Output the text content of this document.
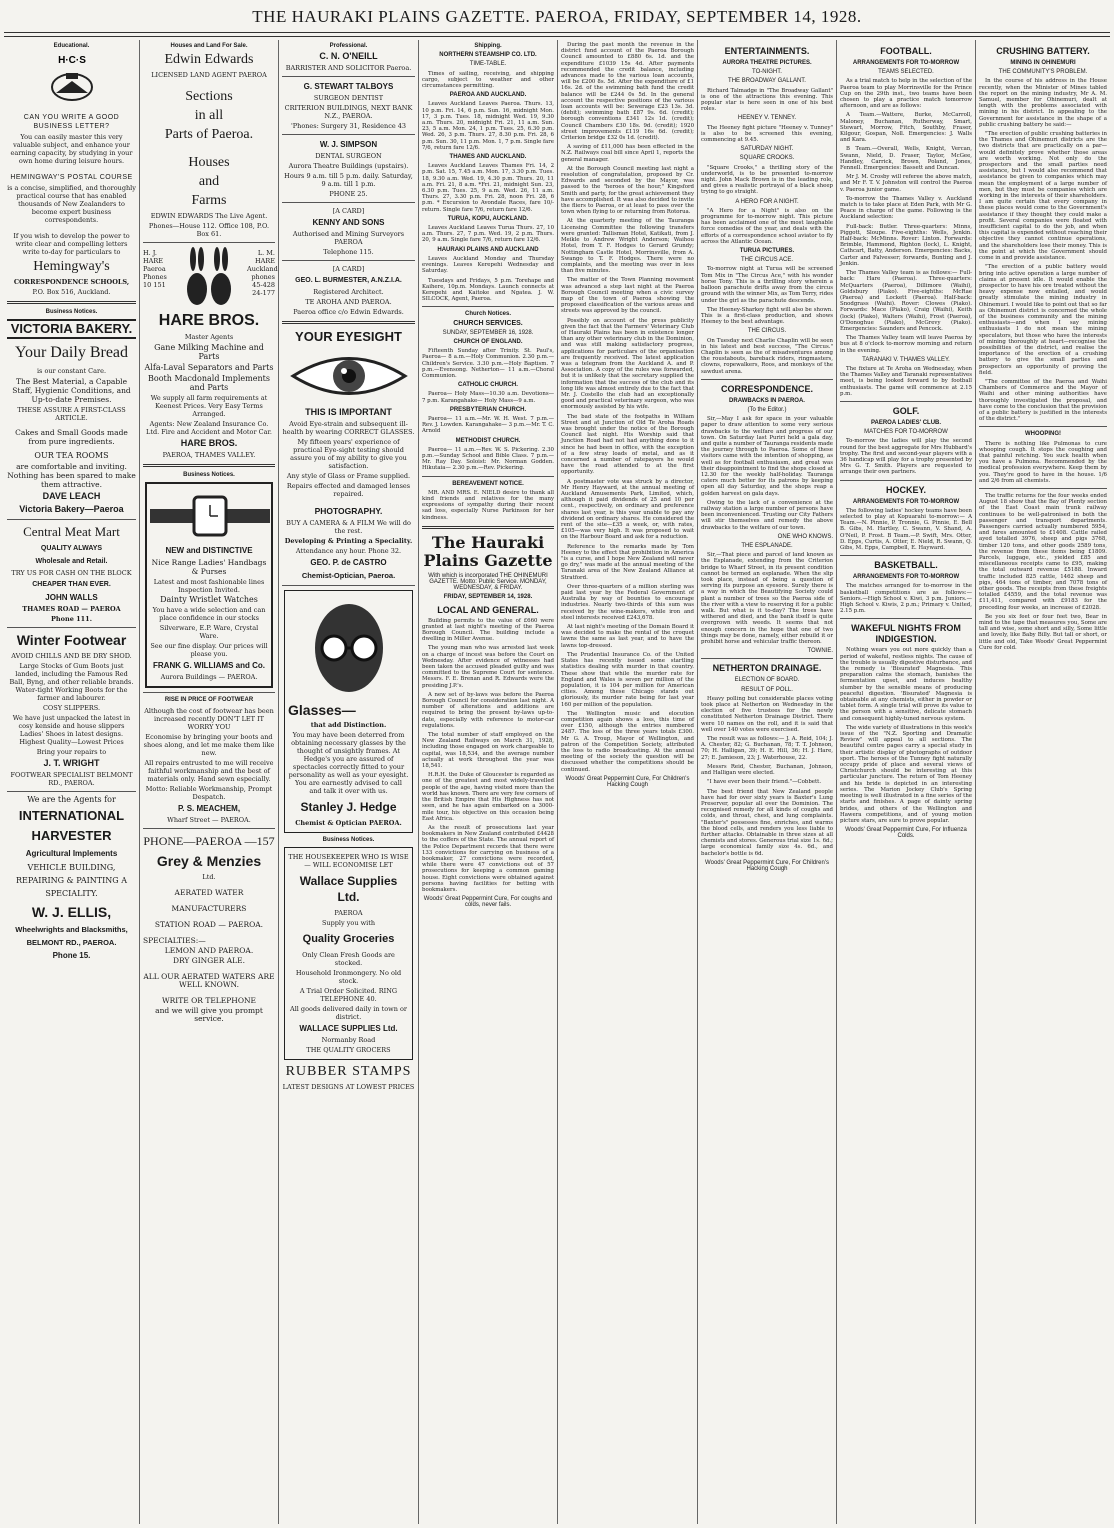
THE HAURAKI PLAINS GAZETTE. PAEROA, FRIDAY, SEPTEMBER 14, 1928.
Educational.
H·C·S
CAN YOU WRITE A GOOD BUSINESS LETTER?
You can easily master this very valuable subject, and enhance your earning capacity, by studying in your own home during leisure hours.
HEMINGWAY'S POSTAL COURSE
is a concise, simplified, and thoroughly practical course that has enabled thousands of New Zealanders to become expert business correspondents.
If you wish to develop the power to write clear and compelling letters write to-day for particulars to
Hemingway's
CORRESPONDENCE SCHOOLS,
P.O. Box 516, Auckland.
Business Notices.
VICTORIA BAKERY.
Your Daily Bread
is our constant Care.
The Best Material, a Capable Staff, Hygienic Conditions, and Up-to-date Premises.
THESE ASSURE A FIRST-CLASS ARTICLE.
Cakes and Small Goods made from pure ingredients.
OUR TEA ROOMS
are comfortable and inviting. Nothing has been spared to make them attractive.
DAVE LEACH
Victoria Bakery—Paeroa
Central Meat Mart
QUALITY ALWAYS
Wholesale and Retail.
TRY US FOR CASH ON THE BLOCK
CHEAPER THAN EVER.
JOHN WALLS
THAMES ROAD — PAEROA
Phone 111.
Winter Footwear
AVOID CHILLS AND BE DRY SHOD.
Large Stocks of Gum Boots just landed, including the Famous Red Ball, Byng, and other reliable brands. Water-tight Working Boots for the farmer and labourer.
COSY SLIPPERS.
We have just unpacked the latest in cosy kenside and house slippers Ladies' Shoes in latest designs. Highest Quality—Lowest Prices
Bring your repairs to
J. T. WRIGHT
FOOTWEAR SPECIALIST BELMONT RD., PAEROA.
We are the Agents for
INTERNATIONAL
HARVESTER
Agricultural Implements
VEHICLE BUILDING, REPAIRING & PAINTING A SPECIALITY.
W. J. ELLIS,
Wheelwrights and Blacksmiths,
BELMONT RD., PAEROA.
Phone 15.
Houses and Land For Sale.
Edwin Edwards
LICENSED LAND AGENT PAEROA
Sections
in all
Parts of Paeroa.
Houses
and
Farms
EDWIN EDWARDS The Live Agent.
Phones—House 112. Office 108, P.O. Box 61.
H. J. HARE Paeroa Phones 10 151
L. M. HARE Auckland phones 45-428 24-177
HARE BROS.
Master Agents
Gane Milking Machine and Parts
Alfa-Laval Separators and Parts
Booth Macdonald Implements and Parts
We supply all farm requirements at Keenest Prices. Very Easy Terms Arranged.
Agents: New Zealand Insurance Co. Ltd. Fire and Accident and Motor Car.
HARE BROS.
PAEROA, THAMES VALLEY.
Business Notices.
NEW and DISTINCTIVE
Nice Range Ladies' Handbags & Purses
Latest and most fashionable lines Inspection Invited.
Dainty Wristlet Watches
You have a wide selection and can place confidence in our stocks
Silverware, E.P. Ware, Crystal Ware.
See our fine display. Our prices will please you.
FRANK G. WILLIAMS and Co.
Aurora Buildings — PAEROA.
RISE IN PRICE OF FOOTWEAR
Although the cost of footwear has been increased recently DON'T LET IT WORRY YOU
Economise by bringing your boots and shoes along, and let me make them like new.
All repairs entrusted to me will receive faithful workmanship and the best of materials only. Hand sewn especially.
Motto: Reliable Workmanship, Prompt Despatch.
P. S. MEACHEM,
Wharf Street — PAEROA.
PHONE—PAEROA —157
Grey & Menzies
Ltd.
AERATED WATER
MANUFACTURERS
STATION ROAD — PAEROA.
SPECIALTIES:—
LEMON AND PAEROA.
DRY GINGER ALE.
ALL OUR AERATED WATERS ARE WELL KNOWN.
WRITE OR TELEPHONE
and we will give you prompt service.
Professional.
C. N. O'NEILL
BARRISTER AND SOLICITOR Paeroa.
G. STEWART TALBOYS
SURGEON DENTIST
CRITERION BUILDINGS, NEXT BANK N.Z., PAEROA.
'Phones: Surgery 31, Residence 43
W. J. SIMPSON
DENTAL SURGEON
Aurora Theatre Buildings (upstairs).
Hours 9 a.m. till 5 p.m. daily. Saturday, 9 a.m. till 1 p.m.
PHONE 25.
[A CARD]
KENNY AND SONS
Authorised and Mining Surveyors PAEROA
Telephone 115.
[A CARD]
GEO. L. BURMESTER, A.N.Z.I.A.
Registered Architect.
TE AROHA AND PAEROA.
Paeroa office c/o Edwin Edwards.
YOUR EYESIGHT
THIS IS IMPORTANT
Avoid Eye-strain and subsequent ill-health by wearing CORRECT GLASSES.
My fifteen years' experience of practical Eye-sight testing should assure you of my ability to give you satisfaction.
Any style of Glass or Frame supplied.
Repairs effected and damaged lenses repaired.
PHOTOGRAPHY.
BUY A CAMERA & A FILM We will do the rest.
Developing & Printing a Speciality.
Attendance any hour. Phone 32.
GEO. P. de CASTRO
Chemist-Optician, Paeroa.
Glasses—
that add Distinction.
You may have been deterred from obtaining necessary glasses by the thought of unsightly frames. At Hedge's you are assured of spectacles correctly fitted to your personality as well as your eyesight. You are earnestly advised to call and talk it over with us.
Stanley J. Hedge
Chemist & Optician PAEROA.
Business Notices.
THE HOUSEKEEPER WHO IS WISE— WILL ECONOMISE LET
Wallace Supplies Ltd.
PAEROA
Supply you with
Quality Groceries
Only Clean Fresh Goods are stocked.
Household Ironmongery. No old stock.
A Trial Order Solicited. RING TELEPHONE 40.
All goods delivered daily in town or district.
WALLACE SUPPLIES Ltd.
Normanby Road
THE QUALITY GROCERS
RUBBER STAMPS
LATEST DESIGNS AT LOWEST PRICES
Shipping.
NORTHERN STEAMSHIP CO. LTD.
TIME-TABLE.

Times of sailing, receiving, and shipping cargo, subject to weather and other circumstances permitting.

PAEROA AND AUCKLAND.

Leaves Auckland Leaves Paeroa. Thurs. 13, 10 p.m. Fri. 14, 6 p.m. Sun. 16, midnight Mon. 17, 3 p.m. Tues. 18, midnight Wed. 19, 9.30 a.m. Thurs. 20, midnight Fri. 21, 11 a.m. Sun. 23, 5 a.m. Mon. 24, 1 p.m. Tues. 25, 6.30 p.m. Wed. 26, 3 p.m. Thurs. 27, 8.30 p.m. Fri. 28, 6 p.m. Sun. 30, 11 p.m. Mon. 1, 7 p.m. Single fare 7/6, return fare 12/6.

THAMES AND AUCKLAND.

Leaves Auckland Leaves Thames Fri. 14, 2 p.m. Sat. 15, 7.45 a.m. Mon. 17, 3.30 p.m. Tues. 18, 9.30 a.m. Wed. 19, 4.30 p.m. Thurs. 20, 11 a.m. Fri. 21, 8 a.m. *Fri. 21, midnight Sun. 23, 6.30 p.m. Tues. 25, 9 a.m. Wed. 26, 11 a.m. Thurs. 27, 3.30 p.m. Fri. 28, noon Fri. 28, 6 p.m. * Excursion to Avondale Races, fare 10/- return. Single fare 7/6, return fare 12/6.

TURUA, KOPU, AUCKLAND.

Leaves Auckland Leaves Turua Thurs. 27, 10 a.m. Thurs. 27, 7 p.m. Wed. 19, 2 p.m. Thurs. 20, 9 a.m. Single fare 7/6, return fare 12/6.

HAURAKI PLAINS AND AUCKLAND

Leaves Auckland Monday and Thursday evenings. Leaves Kerepehi Wednesday and Saturday.

Tuesdays and Fridays, 5 p.m. Torehape and Kaihere, 10p.m. Mondays. Launch connects at Kerepehi and Kaitoke and Ngatea. J. W. SILCOCK, Agent, Paeroa.

Church Notices.
CHURCH SERVICES.
SUNDAY, SEPTEMBER 16, 1928.
CHURCH OF ENGLAND.

Fifteenth Sunday after Trinity. St. Paul's, Paeroa— 8 a.m.—Holy Communion. 2.30 p.m.—Children's Service. 3.30 p.m.—Holy Baptism. 7 p.m.—Evensong. Netherton— 11 a.m.—Choral Communion.

CATHOLIC CHURCH.

Paeroa— Holy Mass—10.30 a.m. Devotions—7 p.m. Karangahake— Holy Mass—9 a.m.

PRESBYTERIAN CHURCH.

Paeroa— 11 a.m.—Mr. W. H. West. 7 p.m.—Rev. J. Lowden. Karangahake— 3 p.m.—Mr. T. C. Arnold

METHODIST CHURCH.

Paeroa— 11 a.m.—Rev. W. S. Pickering. 2.30 p.m.—Sunday School and Bible Class. 7 p.m.—Mr. Ray Day. Soloist: Mr. Norman Godden. Hikutaia— 2.30 p.m.—Rev. Pickering.

BEREAVEMENT NOTICE.

MR. AND MRS. E. NIELD desire to thank all kind friends and relatives for the many expressions of sympathy during their recent sad loss, especially Nurse Parkinson for her kindness.

The Hauraki Plains Gazette
With which is incorporated THE OHINEMURI GAZETTE. Motto: Public Service. MONDAY, WEDNESDAY, & FRIDAY.
FRIDAY, SEPTEMBER 14, 1928.
LOCAL AND GENERAL.

Building permits to the value of £660 were granted at last night's meeting of the Paeroa Borough Council. The building include a dwelling in Miller Avenue.

The young man who was arrested last week on a charge of incest was before the Court on Wednesday. After evidence of witnesses had been taken the accused pleaded guilty and was committed to the Supreme Court for sentence. Messrs. F. E. Brenan and R. Edwards were the presiding J.P.'s.

A new set of by-laws was before the Paeroa Borough Council for consideration last night. A number of alterations and additions are required to bring the present by-laws up-to-date, especially with reference to motor-car regulations.

The total number of staff employed on the New Zealand Railways on March 31, 1928, including those engaged on work chargeable to capital, was 18,534, and the average number actually at work throughout the year was 18,541.

H.R.H. the Duke of Gloucester is regarded as one of the greatest and most widely-travelled people of the age, having visited more than the world has known. There are very few corners of the British Empire that His Highness has not seen, and he has again embarked on a 3000-mile tour, his objective on this occasion being East Africa.

As the result of prosecutions last year bookmakers in New Zealand contributed £4428 to the coffers of the State. The annual report of the Police Department records that there were 133 convictions for carrying on business of a bookmaker, 27 convictions were recorded, while there were 47 convictions out of 57 prosecutions for keeping a common gaming house. Eight convictions were obtained against persons having facilities for betting with bookmakers.

Woods' Great Peppermint Cure, For coughs and colds, never fails.

During the past month the revenue in the district fund account of the Paeroa Borough Council amounted to £880 6s. 1d. and the expenditure £1039 15s 4d. After payments recommended the credit balance, including advances made to the various loan accounts, will be £200 8s. 5d. After the expenditure of £1 16s. 2d. of the swimming bath fund the credit balance will be £244 0s 5d. In the general account the respective positions of the various loan accounts will be: Sewerage £23 13s. 3d. (debit); swimming bath £87 9s. 6d. (credit); borough conventions £341 12s 1d. (credit); Council Chambers £30 18s. 9d. (credit); 1920 street improvements £119 16s 6d. (credit); Criterion bridge £32 0s 1d. (credit).

A saving of £11,000 has been effected in the N.Z. Railways coal bill since April 1, reports the general manager.

At the Borough Council meeting last night a resolution of congratulation, proposed by Cr. Edwards and seconded by the Mayor, was passed to the "heroes of the hour," Kingsford Smith and party, for the great achievement they have accomplished. It was also decided to invite the fliers to Paeroa, or at least to pass over the town when flying to or returning from Rotorua.

At the quarterly meeting of the Tauranga Licensing Committee the following transfers were granted: Tallisman Hotel, Katikati, from J. Meikle to Andrew Wright Anderson; Waihou Hotel, from T. F. Hodges to Gerard Grundy; Nottingham Castle Hotel, Morrinsville, from A. Swango to T. F. Hodges. There were no complaints, and the meeting was over in less than five minutes.

The matter of the Town Planning movement was advanced a step last night at the Paeroa Borough Council meeting when a civic survey map of the town of Paeroa showing the proposed classification of the various areas and streets was approved by the council.

Possibly on account of the press publicity given the fact that the Farmers' Veterinary Club of Hauraki Plains has been in existence longer than any other veterinary club in the Dominion, and was still making satisfactory progress, applications for particulars of the organisation are frequently received. The latest application was a telegram from the Auckland A. and P. Association. A copy of the rules was forwarded, but it is unlikely that the secretary supplied the information that the success of the club and its long life was almost entirely due to the fact that Mr. J. Costello the club had an exceptionally good and practical veterinary surgeon, who was enormously assisted by his wife.

The bad state of the footpaths in William Street and at Junction of Old Te Aroha Roads was brought under the notice of the Borough Council last night. His Worship said that Junction Road had not had anything done to it since he had been in office, with the exception of a few stray loads of metal, and as it concerned a number of ratepayers he would have the road attended to at the first opportunity.

A postmaster vote was struck by a director, Mr Henry Hayward, at the annual meeting of Auckland Amusements Park, Limited, which, although it paid dividends of 25 and 10 per cent., respectively, on ordinary and preference shares last year, is this year unable to pay any dividend on ordinary shares. He considered the rent of the site—£35 a week, or, with rates, £105—was very high. It was proposed to wait on the Harbour Board and ask for a reduction.

Reference to the remarks made by Tom Heeney to the effect that prohibition in America "is a curse, and I hope New Zealand will never go dry," was made at the annual meeting of the Taranaki area of the New Zealand Alliance at Stratford.

Over three-quarters of a million sterling was paid last year by the Federal Government of Australia by way of bounties to encourage industries. Nearly two-thirds of this sum was received by the wine-makers, while iron and steel interests received £243,678.

At last night's meeting of the Domain Board it was decided to make the rental of the croquet lawns the same as last year, and to have the lawns top-dressed.

The Prudential Insurance Co. of the United States has recently issued some startling statistics dealing with murder in that country. These show that while the murder rate for England and Wales is seven per million of the population, it is 104 per million for American cities. Among these Chicago stands out gloriously, its murder rate being for last year 160 per million of the population.

The Wellington music and elocution competition again shows a loss, this time of over £150, although the entries numbered 2487. The loss of the three years totals £300. Mr G. A. Troup, Mayor of Wellington, and patron of the Competition Society, attributed the loss to radio broadcasting. At the annual meeting of the society the question will be discussed whether the competitions should be continued.

Woods' Great Peppermint Cure, For Children's Hacking Cough
ENTERTAINMENTS.
AURORA THEATRE PICTURES.
TO-NIGHT.
THE BROADWAY GALLANT.

Richard Talmadge in "The Broadway Gallant" is one of the attractions this evening. This popular star is here seen in one of his best roles.

HEENEY V. TENNEY.

The Heeney fight picture "Heeney v. Tunney" is also to be screened this evening, commencing at 9.45.

SATURDAY NIGHT.
SQUARE CROOKS.

"Square Crooks," a thrilling story of the underworld, is to be presented to-morrow night. John Mack Brown is in the leading role, and gives a realistic portrayal of a black sheep trying to go straight.

A HERO FOR A NIGHT.

"A Hero for a Night" is also on the programme for to-morrow night. This picture has been acclaimed one of the most laughable force comedies of the year, and deals with the efforts of a correspondence school aviator to fly across the Atlantic Ocean.

TURUA PICTURES.
THE CIRCUS ACE.

To-morrow night at Turua will be screened Tom Mix in "The Circus Ace," with his wonder horse Tony. This is a thrilling story wherein a balloon parachute drifts away from the circus ground with the winner Mix, as Tom Terry, rides under the girl as the parachute descends.

The Heeney-Sharkey fight will also be shown. This is a first-class production, and shows Heeney to the best advantage.

THE CIRCUS.

On Tuesday next Charlie Chaplin will be seen in his latest and best success, "The Circus." Chaplin is seen as the of misadventures among the roustabouts, bareback riders, ringmasters, clowns, ropewalkers, Roos, and monkeys of the sawdust arena.

CORRESPONDENCE.
DRAWBACKS IN PAEROA.
(To the Editor.)

Sir,—May I ask for space in your valuable paper to draw attention to some very serious drawbacks to the welfare and progress of our town. On Saturday last Puriri held a gala day, and quite a number of Tauranga residents made the journey through to Paeroa. Some of these visitors came with the intention of shopping, as well as for football enthusiasm, and great was their disappointment to find the shops closed at 12.30 for the weekly half-holiday. Tauranga caters much better for its patrons by keeping open all day Saturday, and the shops reap a golden harvest on gala days.

Owing to the lack of a convenience at the railway station a large number of persons have been inconvenienced. Trusting our City Fathers will stir themselves and remedy the above drawbacks to the welfare of our town.

ONE WHO KNOWS.
THE ESPLANADE.

Sir,—That piece and parcel of land known as the Esplanade, extending from the Criterion bridge to Wharf Street, in its present condition cannot be termed an esplanade. When the slip took place, instead of being a question of serving its purpose an eyesore. Surely there is a way in which the Beautifying Society could plant a number of trees so the Paeroa side of the river with a view to reserving it for a public walk. But what is it to-day? The trees have withered and died, and the bank itself is quite overgrown with weeds. It seems that not enough concern in the hope that one of two things may be done, namely, either rebuild it or prohibit horse and vehicular traffic thereon.

TOWNIE.
NETHERTON DRAINAGE.
ELECTION OF BOARD.
RESULT OF POLL.

Heavy polling but considerable places voting took place at Netherton on Wednesday in the election of five trustees for the newly constituted Netherton Drainage District. There were 10 names on the roll, and it is said that well over 140 votes were exercised.

The result was as follows:— J. A. Reid, 104; J. A. Chester, 82; G. Buchanan, 78; T. T. Johnson, 70; H. Halligan, 39; H. E. Hill, 36; H. J. Hare, 27; E. Jamieson, 23; J. Waterhouse, 22.

Messrs Reid, Chester, Buchanan, Johnson, and Halligan were elected.

"I have ever been their friend."—Cobbett.

The best friend that New Zealand people have had for over sixty years is Baxter's Lung Preserver, popular all over the Dominion. The recognised remedy for all kinds of coughs and colds, and throat, chest, and lung complaints. "Baxter's" possesses fine, enriches, and warms the blood cells, and renders you less liable to further attacks. Obtainable in three sizes at all chemists and stores. Generous trial size 1s. 6d.; large economical family size 4s. 6d., and bachelor's bottle is 6d.

Woods' Great Peppermint Cure, For Children's Hacking Cough
FOOTBALL.
ARRANGEMENTS FOR TO-MORROW
TEAMS SELECTED.

As a trial match to help in the selection of the Paeroa team to play Morrinsville for the Prince Cup on the 29th inst., two teams have been chosen to play a practice match tomorrow afternoon, and are as follows:

A Team.—Wattere, Burke, McCarroll, Maloney, Buchanan, Rutherway, Smart, Stewart, Morrow, Fitch, Southby, Fraser, Kilgour, Gospan, Noll. Emergencies: J. Walls and Kara.

B Team.—Overall, Wells, Knight, Vercan, Swann, Nield, D. Fraser, Taylor, McGee, Handley, Carrick, Brown, Poland, Jones, Fennell. Emergencies: Bassett and Duncan.

Mr J. M. Crosby will referee the above match, and Mr F. T. V. Johnston will control the Paeroa v. Paeroa junior game.

To-morrow the Thames Valley v. Auckland match is to take place at Eden Park, with Mr G. Peace in charge of the game. Following is the Auckland selection:

Full-back: Butler. Three-quarters: Minns, Piggott, Sloupe. Five-eighths: Wells, Jenkin. Half-back: McMinns. Rover: Linton. Forwards: Brimble, Hammond, Righton (lock), L. Knight, Cathcart, Batty, Anderson. Emergencies: Backs, Carter and Falvesser; forwards, Bunting and J. Jenkin.

The Thames Valley team is as follows:— Full-back: Hare (Paeroa). Three-quarters: McQuarters (Paeroa), Dillimore (Waihi), Goldsbury (Piako). Five-eighths: McRae (Paeroa) and Lockett (Paeroa). Half-back: Snodgrass (Waihi). Rover: Clowes (Piako). Forwards: Mace (Piako), Craig (Waihi), Keith (lock) (Piako), Walters (Waihi), Frost (Paeroa), O'Donoghue (Piako), McGrevy (Piako). Emergencies: Saunders and Pencock.

The Thames Valley team will leave Paeroa by bus at 8 o'clock to-morrow morning and return in the evening.

TARANAKI V. THAMES VALLEY.

The fixture at Te Aroha on Wednesday, when the Thames Valley and Taranaki representatives meet, is being looked forward to by football enthusiasts. The game will commence at 2.15 p.m.

GOLF.
PAEROA LADIES' CLUB.
MATCHES FOR TO-MORROW

To-morrow the ladies will play the second round for the best aggregate for Mrs Hubbard's trophy. The first and second-year players with a 36 handicap will play for a trophy presented by Mrs G. T. Smith. Players are requested to arrange their own partners.

HOCKEY.
ARRANGEMENTS FOR TO-MORROW

The following ladies' hockey teams have been selected to play at Kopuarahi to-morrow:— A Team.—N. Pinnie, P. Tronnie, G. Pinnie, E. Bell B. Gibs, M. Hartley, C. Swann, V. Shand, A. O'Neil, P. Frost. B Team.—P. Swift, Mrs. Otter, D. Epps, Curtis, A. Otter, E. Nield, R. Swann, Q. Gibs, M. Epps, Campbell, E. Hayward.

BASKETBALL.
ARRANGEMENTS FOR TO-MORROW

The matches arranged for to-morrow in the basketball competitions are as follows:— Seniors.—High School v. Kiwi, 3 p.m. Juniors.—High School v. Kiwis, 2 p.m.; Primary v. United, 2.15 p.m.

WAKEFUL NIGHTS FROM INDIGESTION.

Nothing wears you out more quickly than a period of wakeful, restless nights. The cause of the trouble is usually digestive disturbance, and the remedy is 'Bisurated' Magnesia. This preparation calms the stomach, banishes the fermentation upset, and induces healthy slumber by the sensible means of producing peaceful digestion. 'Bisurated' Magnesia is obtainable at any chemists, either in powder or tablet form. A single trial will prove its value to the person with a sensitive, delicate stomach and consequent highly-tuned nervous system.

The wide variety of illustrations in this week's issue of the "N.Z. Sporting and Dramatic Review" will appeal to all sections. The beautiful centre pages carry a special study in their artistic display of photographs of outdoor sport. The heroes of the Tunney fight naturally occupy pride of place and several views of Christchurch should be interesting at this particular juncture. The return of Tom Heeney and his bride is depicted in an interesting series. The Marion Jockey Club's Spring meeting is well illustrated in a fine series of the starts and finishes. A page of dainty spring brides, and others of the Wellington and Hawera competitions, and of young motion picture stars, are sure to prove popular.

Woods' Great Peppermint Cure, For Influenza Colds.
CRUSHING BATTERY.
MINING IN OHINEMURI
THE COMMUNITY'S PROBLEM.

In the course of his address in the House recently, when the Minister of Mines tabled the report on the mining industry, Mr A. M. Samuel, member for Ohinemuri, dealt at length with the problems associated with mining in his district. In appealing to the Government for assistance in the shape of a public crushing battery he said:—

"The erection of public crushing batteries in the Thames and Ohinemuri districts are the two districts that are practically on a par—would definitely prove whether those areas are worth working. Not only do the prospectors and the small parties need assistance, but I would also recommend that assistance be given to companies which may mean the employment of a large number of men, but they must be companies which are working in the interests of their shareholders. I am quite certain that every company in these places would come to the Government's assistance if they thought they could make a profit. Several companies were floated with insufficient capital to do the job, and when this capital is expended without reaching their objective they cannot continue operations, and the shareholders lose their money. This is the point at which the Government should come in and provide assistance.

"The erection of a public battery would bring into active operation a large number of claims at present idle. It would enable the prospector to have his ore treated without the heavy expense now entailed, and would greatly stimulate the mining industry in Ohinemuri. I would like to point out that so far as Ohinemuri district is concerned the whole of the business community and the mining enthusiasts—and when I say mining enthusiasts I do not mean the mining speculators, but those who have the interests of mining thoroughly at heart—recognise the possibilities of the district, and realise the importance of the erection of a crushing battery to give the small parties and prospectors an opportunity of proving the field.

"The committee of the Paeroa and Waihi Chambers of Commerce and the Mayor of Waihi and other mining authorities have thoroughly investigated the proposal, and have come to the conclusion that the provision of a public battery is justified in the interests of the district."

WHOOPING!

There is nothing like Pulmonas to cure whooping cough. It stops the coughing and that painful retching. You suck health when you have a Pulmona. Recommended by the medical profession everywhere. Keep them by you. They're good to have in the house. 1/6 and 2/6 from all chemists.

The traffic returns for the four weeks ended August 18 show that the Bay of Plenty section of the East Coast main trunk railway continues to be well-patronised in both the passenger and transport departments. Passengers carried actually numbered 5954, and fares amounted to £1408. Cattle railed ayed totalled 3976, sheep and pigs 3768, timber 120 tons, and other goods 2589 tons, the revenue from these items being £1809. Parcels, luggage, etc., yielded £85 and miscellaneous receipts came to £95, making the total outward revenue £5188. Inward traffic included 825 cattle, 1462 sheep and pigs, 464 tons of timber, and 7078 tons of other goods. The receipts from these freights totalled £4559, and the total revenue was £11,411, compared with £9183 for the preceding four weeks, an increase of £2028.

Be you six feet or four feet two, Bear in mind to the tape that measures you, Some are tall and wise, some short and silly, Some little and lovely, like Baby Billy. But tall or short, or little and old, Take Woods' Great Peppermint Cure for cold.
